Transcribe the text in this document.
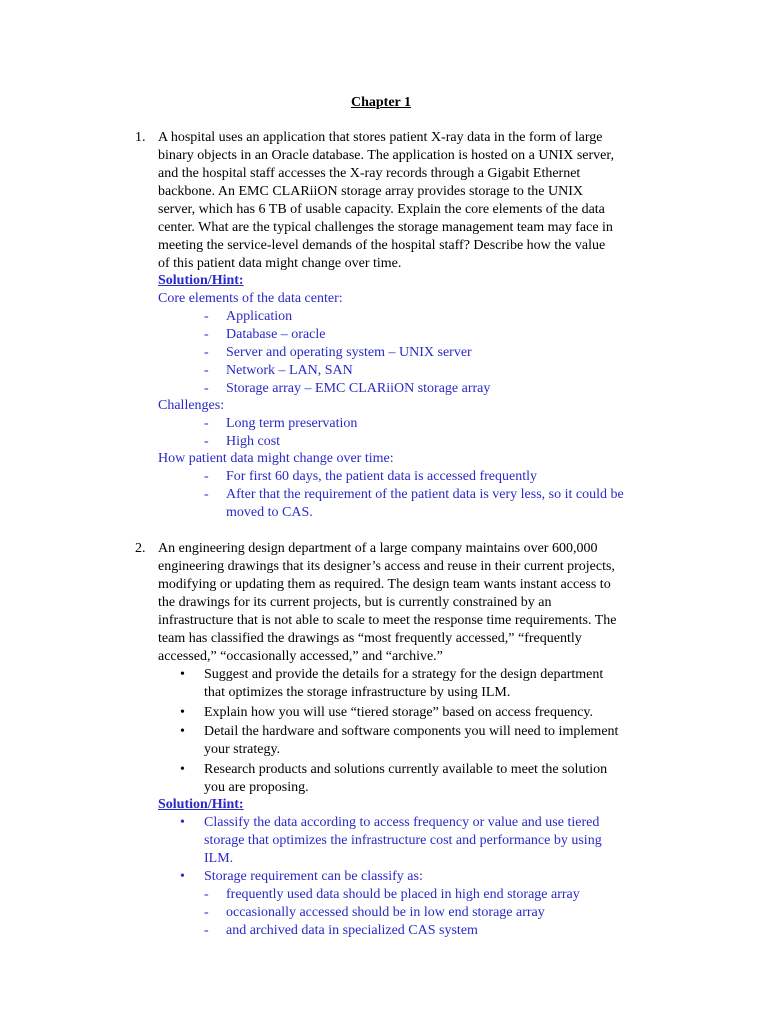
Chapter 1
1. A hospital uses an application that stores patient X-ray data in the form of large
binary objects in an Oracle database. The application is hosted on a UNIX server,
and the hospital staff accesses the X-ray records through a Gigabit Ethernet
backbone. An EMC CLARiiON storage array provides storage to the UNIX
server, which has 6 TB of usable capacity. Explain the core elements of the data
center. What are the typical challenges the storage management team may face in
meeting the service-level demands of the hospital staff? Describe how the value
of this patient data might change over time.
Solution/Hint:
Core elements of the data center:
- Application
- Database – oracle
- Server and operating system – UNIX server
- Network – LAN, SAN
- Storage array – EMC CLARiiON storage array
Challenges:
- Long term preservation
- High cost
How patient data might change over time:
- For first 60 days, the patient data is accessed frequently
- After that the requirement of the patient data is very less, so it could be
moved to CAS.
2. An engineering design department of a large company maintains over 600,000
engineering drawings that its designer’s access and reuse in their current projects,
modifying or updating them as required. The design team wants instant access to
the drawings for its current projects, but is currently constrained by an
infrastructure that is not able to scale to meet the response time requirements. The
team has classified the drawings as “most frequently accessed,” “frequently
accessed,” “occasionally accessed,” and “archive.”
• Suggest and provide the details for a strategy for the design department
that optimizes the storage infrastructure by using ILM.
• Explain how you will use “tiered storage” based on access frequency.
• Detail the hardware and software components you will need to implement
your strategy.
• Research products and solutions currently available to meet the solution
you are proposing.
Solution/Hint:
• Classify the data according to access frequency or value and use tiered
storage that optimizes the infrastructure cost and performance by using
ILM.
• Storage requirement can be classify as:
- frequently used data should be placed in high end storage array
- occasionally accessed should be in low end storage array
- and archived data in specialized CAS system
